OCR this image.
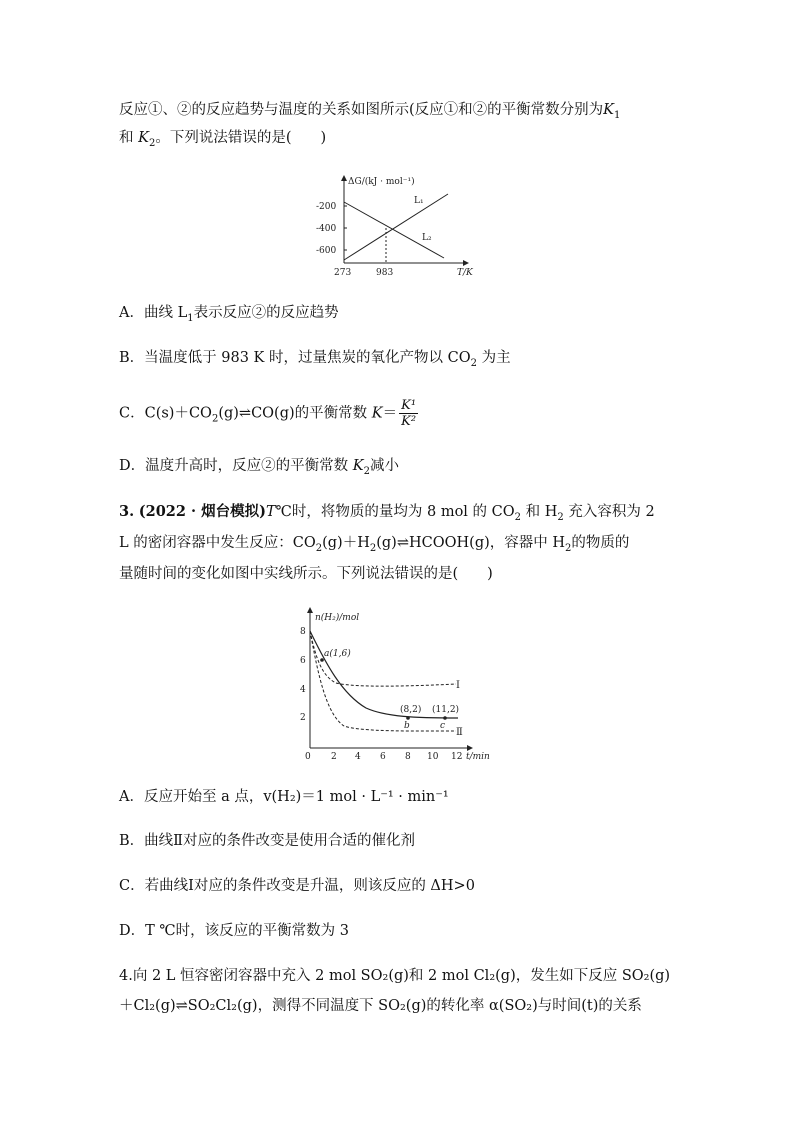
反应①、②的反应趋势与温度的关系如图所示(反应①和②的平衡常数分别为$K_1$
和 $K_2$。下列说法错误的是(　　)
ΔG/(kJ · mol⁻¹)
-200
-400
-600
L₁
L₂
273	983	T/K
A．曲线 $L_1$表示反应②的反应趋势
B．当温度低于 983 K 时，过量焦炭的氧化产物以 $CO_2$ 为主
C．$C(s)+CO_2(g)\rightleftharpoons CO(g)$的平衡常数 $K= \frac{\text{K¹}}{\text{K²}}$
D．温度升高时，反应②的平衡常数 $K_2$减小
3. (2022 · 烟台模拟)T℃时，将物质的量均为 8 mol 的 $CO_2$ 和 $H_2$ 充入容积为 2
L 的密闭容器中发生反应：$CO_2(g)+H_2(g)\rightleftharpoons HCOOH(g)$，容器中 $H_2$的物质的
量随时间的变化如图中实线所示。下列说法错误的是(　　)
n(H₂)/mol
8
6
4
2
0 2 4 6 8 10 12 t/min
a(1,6)
(8,2) (11,2)
b	c
Ⅰ
Ⅱ
A．反应开始至 a 点，v(H₂)＝1 mol · L⁻¹ · min⁻¹
B．曲线Ⅱ对应的条件改变是使用合适的催化剂
C．若曲线Ⅰ对应的条件改变是升温，则该反应的 ΔH>0
D．T ℃时，该反应的平衡常数为 3
4.向 2 L 恒容密闭容器中充入 2 mol SO₂(g)和 2 mol Cl₂(g)，发生如下反应 SO₂(g)
＋Cl₂(g)⇌SO₂Cl₂(g)，测得不同温度下 SO₂(g)的转化率 α(SO₂)与时间(t)的关系
